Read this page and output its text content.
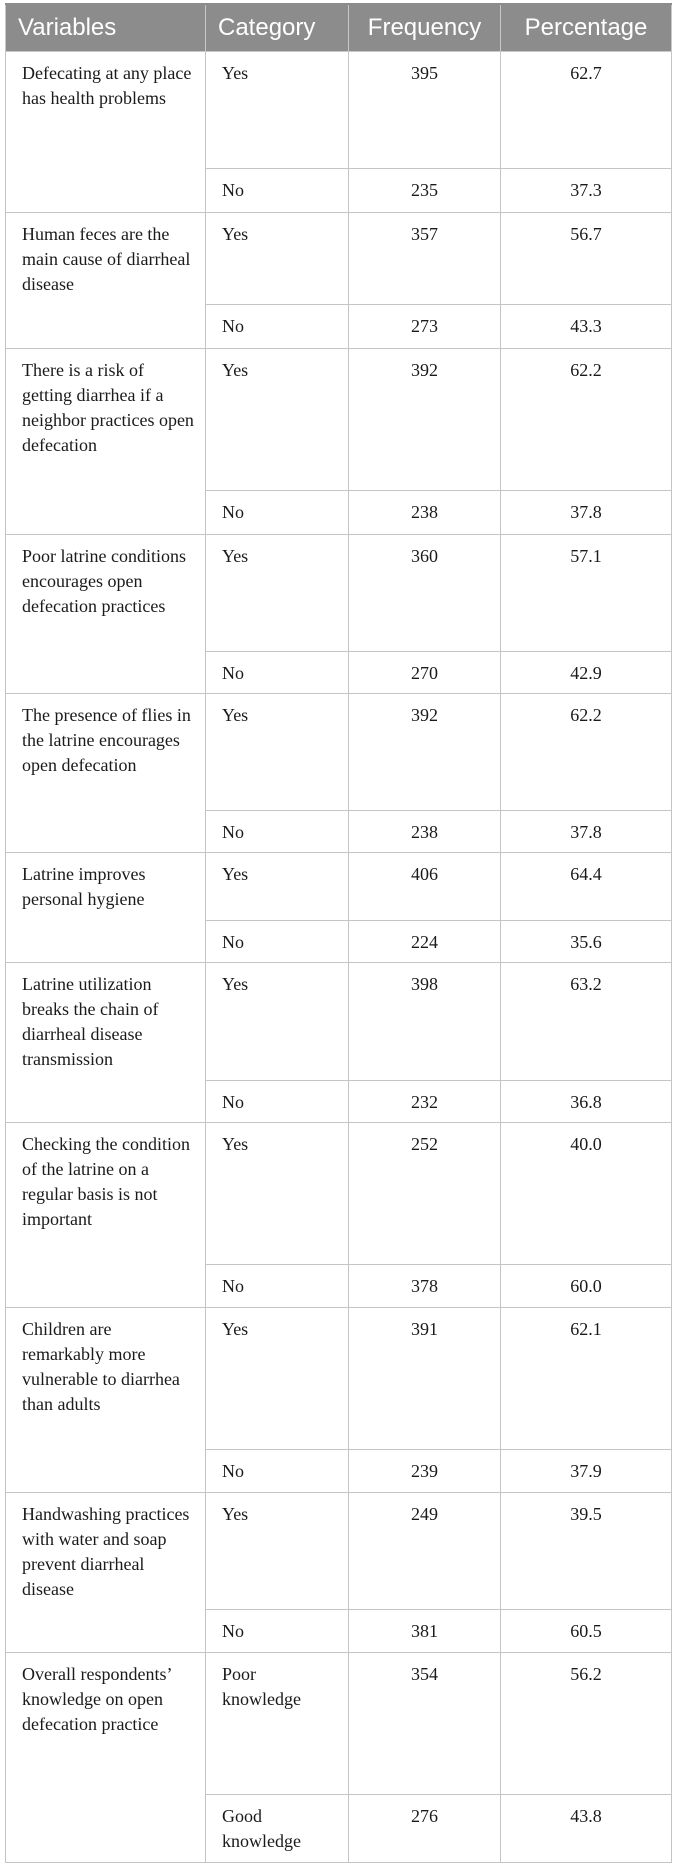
Variables	Category	Frequency	Percentage
Defecating at any place has health problems	Yes	395	62.7
	No	235	37.3
Human feces are the main cause of diarrheal disease	Yes	357	56.7
	No	273	43.3
There is a risk of getting diarrhea if a neighbor practices open defecation	Yes	392	62.2
	No	238	37.8
Poor latrine conditions encourages open defecation practices	Yes	360	57.1
	No	270	42.9
The presence of flies in the latrine encourages open defecation	Yes	392	62.2
	No	238	37.8
Latrine improves personal hygiene	Yes	406	64.4
	No	224	35.6
Latrine utilization breaks the chain of diarrheal disease transmission	Yes	398	63.2
	No	232	36.8
Checking the condition of the latrine on a regular basis is not important	Yes	252	40.0
	No	378	60.0
Children are remarkably more vulnerable to diarrhea than adults	Yes	391	62.1
	No	239	37.9
Handwashing practices with water and soap prevent diarrheal disease	Yes	249	39.5
	No	381	60.5
Overall respondents’ knowledge on open defecation practice	Poor knowledge	354	56.2
	Good knowledge	276	43.8
